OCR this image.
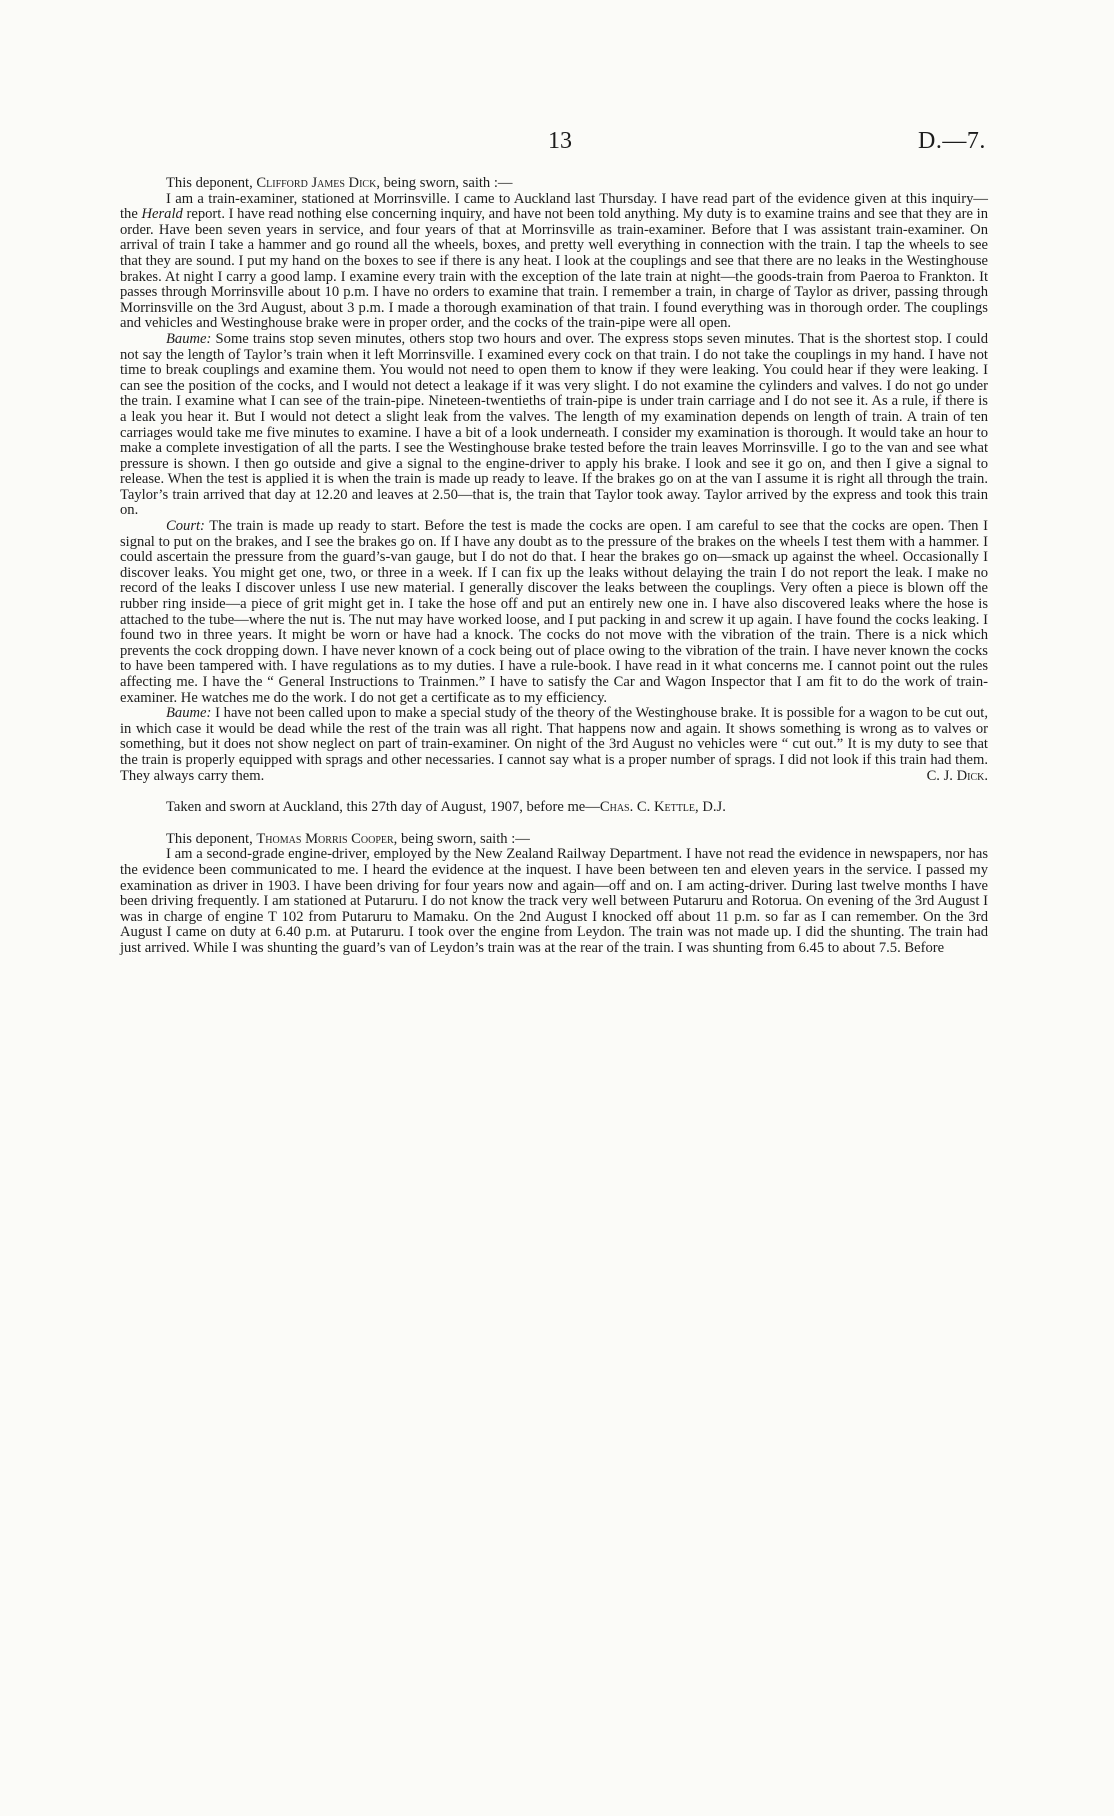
13	D.—7.

This deponent, Clifford James Dick, being sworn, saith :—

I am a train-examiner, stationed at Morrinsville. I came to Auckland last Thursday. I have read part of the evidence given at this inquiry—the Herald report. I have read nothing else concerning inquiry, and have not been told anything. My duty is to examine trains and see that they are in order. Have been seven years in service, and four years of that at Morrinsville as train-examiner. Before that I was assistant train-examiner. On arrival of train I take a hammer and go round all the wheels, boxes, and pretty well everything in connection with the train. I tap the wheels to see that they are sound. I put my hand on the boxes to see if there is any heat. I look at the couplings and see that there are no leaks in the Westinghouse brakes. At night I carry a good lamp. I examine every train with the exception of the late train at night—the goods-train from Paeroa to Frankton. It passes through Morrinsville about 10 p.m. I have no orders to examine that train. I remember a train, in charge of Taylor as driver, passing through Morrinsville on the 3rd August, about 3 p.m. I made a thorough examination of that train. I found everything was in thorough order. The couplings and vehicles and Westinghouse brake were in proper order, and the cocks of the train-pipe were all open.

Baume: Some trains stop seven minutes, others stop two hours and over. The express stops seven minutes. That is the shortest stop. I could not say the length of Taylor’s train when it left Morrinsville. I examined every cock on that train. I do not take the couplings in my hand. I have not time to break couplings and examine them. You would not need to open them to know if they were leaking. You could hear if they were leaking. I can see the position of the cocks, and I would not detect a leakage if it was very slight. I do not examine the cylinders and valves. I do not go under the train. I examine what I can see of the train-pipe. Nineteen-twentieths of train-pipe is under train carriage and I do not see it. As a rule, if there is a leak you hear it. But I would not detect a slight leak from the valves. The length of my examination depends on length of train. A train of ten carriages would take me five minutes to examine. I have a bit of a look underneath. I consider my examination is thorough. It would take an hour to make a complete investigation of all the parts. I see the Westinghouse brake tested before the train leaves Morrinsville. I go to the van and see what pressure is shown. I then go outside and give a signal to the engine-driver to apply his brake. I look and see it go on, and then I give a signal to release. When the test is applied it is when the train is made up ready to leave. If the brakes go on at the van I assume it is right all through the train. Taylor’s train arrived that day at 12.20 and leaves at 2.50—that is, the train that Taylor took away. Taylor arrived by the express and took this train on.

Court: The train is made up ready to start. Before the test is made the cocks are open. I am careful to see that the cocks are open. Then I signal to put on the brakes, and I see the brakes go on. If I have any doubt as to the pressure of the brakes on the wheels I test them with a hammer. I could ascertain the pressure from the guard’s-van gauge, but I do not do that. I hear the brakes go on—smack up against the wheel. Occasionally I discover leaks. You might get one, two, or three in a week. If I can fix up the leaks without delaying the train I do not report the leak. I make no record of the leaks I discover unless I use new material. I generally discover the leaks between the couplings. Very often a piece is blown off the rubber ring inside—a piece of grit might get in. I take the hose off and put an entirely new one in. I have also discovered leaks where the hose is attached to the tube—where the nut is. The nut may have worked loose, and I put packing in and screw it up again. I have found the cocks leaking. I found two in three years. It might be worn or have had a knock. The cocks do not move with the vibration of the train. There is a nick which prevents the cock dropping down. I have never known of a cock being out of place owing to the vibration of the train. I have never known the cocks to have been tampered with. I have regulations as to my duties. I have a rule-book. I have read in it what concerns me. I cannot point out the rules affecting me. I have the “ General Instructions to Trainmen.” I have to satisfy the Car and Wagon Inspector that I am fit to do the work of train-examiner. He watches me do the work. I do not get a certificate as to my efficiency.

Baume: I have not been called upon to make a special study of the theory of the Westinghouse brake. It is possible for a wagon to be cut out, in which case it would be dead while the rest of the train was all right. That happens now and again. It shows something is wrong as to valves or something, but it does not show neglect on part of train-examiner. On night of the 3rd August no vehicles were “ cut out.” It is my duty to see that the train is properly equipped with sprags and other necessaries. I cannot say what is a proper number of sprags. I did not look if this train had them. They always carry them.	C. J. Dick.

Taken and sworn at Auckland, this 27th day of August, 1907, before me—Chas. C. Kettle, D.J.

This deponent, Thomas Morris Cooper, being sworn, saith :—

I am a second-grade engine-driver, employed by the New Zealand Railway Department. I have not read the evidence in newspapers, nor has the evidence been communicated to me. I heard the evidence at the inquest. I have been between ten and eleven years in the service. I passed my examination as driver in 1903. I have been driving for four years now and again—off and on. I am acting-driver. During last twelve months I have been driving frequently. I am stationed at Putaruru. I do not know the track very well between Putaruru and Rotorua. On evening of the 3rd August I was in charge of engine T 102 from Putaruru to Mamaku. On the 2nd August I knocked off about 11 p.m. so far as I can remember. On the 3rd August I came on duty at 6.40 p.m. at Putaruru. I took over the engine from Leydon. The train was not made up. I did the shunting. The train had just arrived. While I was shunting the guard’s van of Leydon’s train was at the rear of the train. I was shunting from 6.45 to about 7.5. Before
